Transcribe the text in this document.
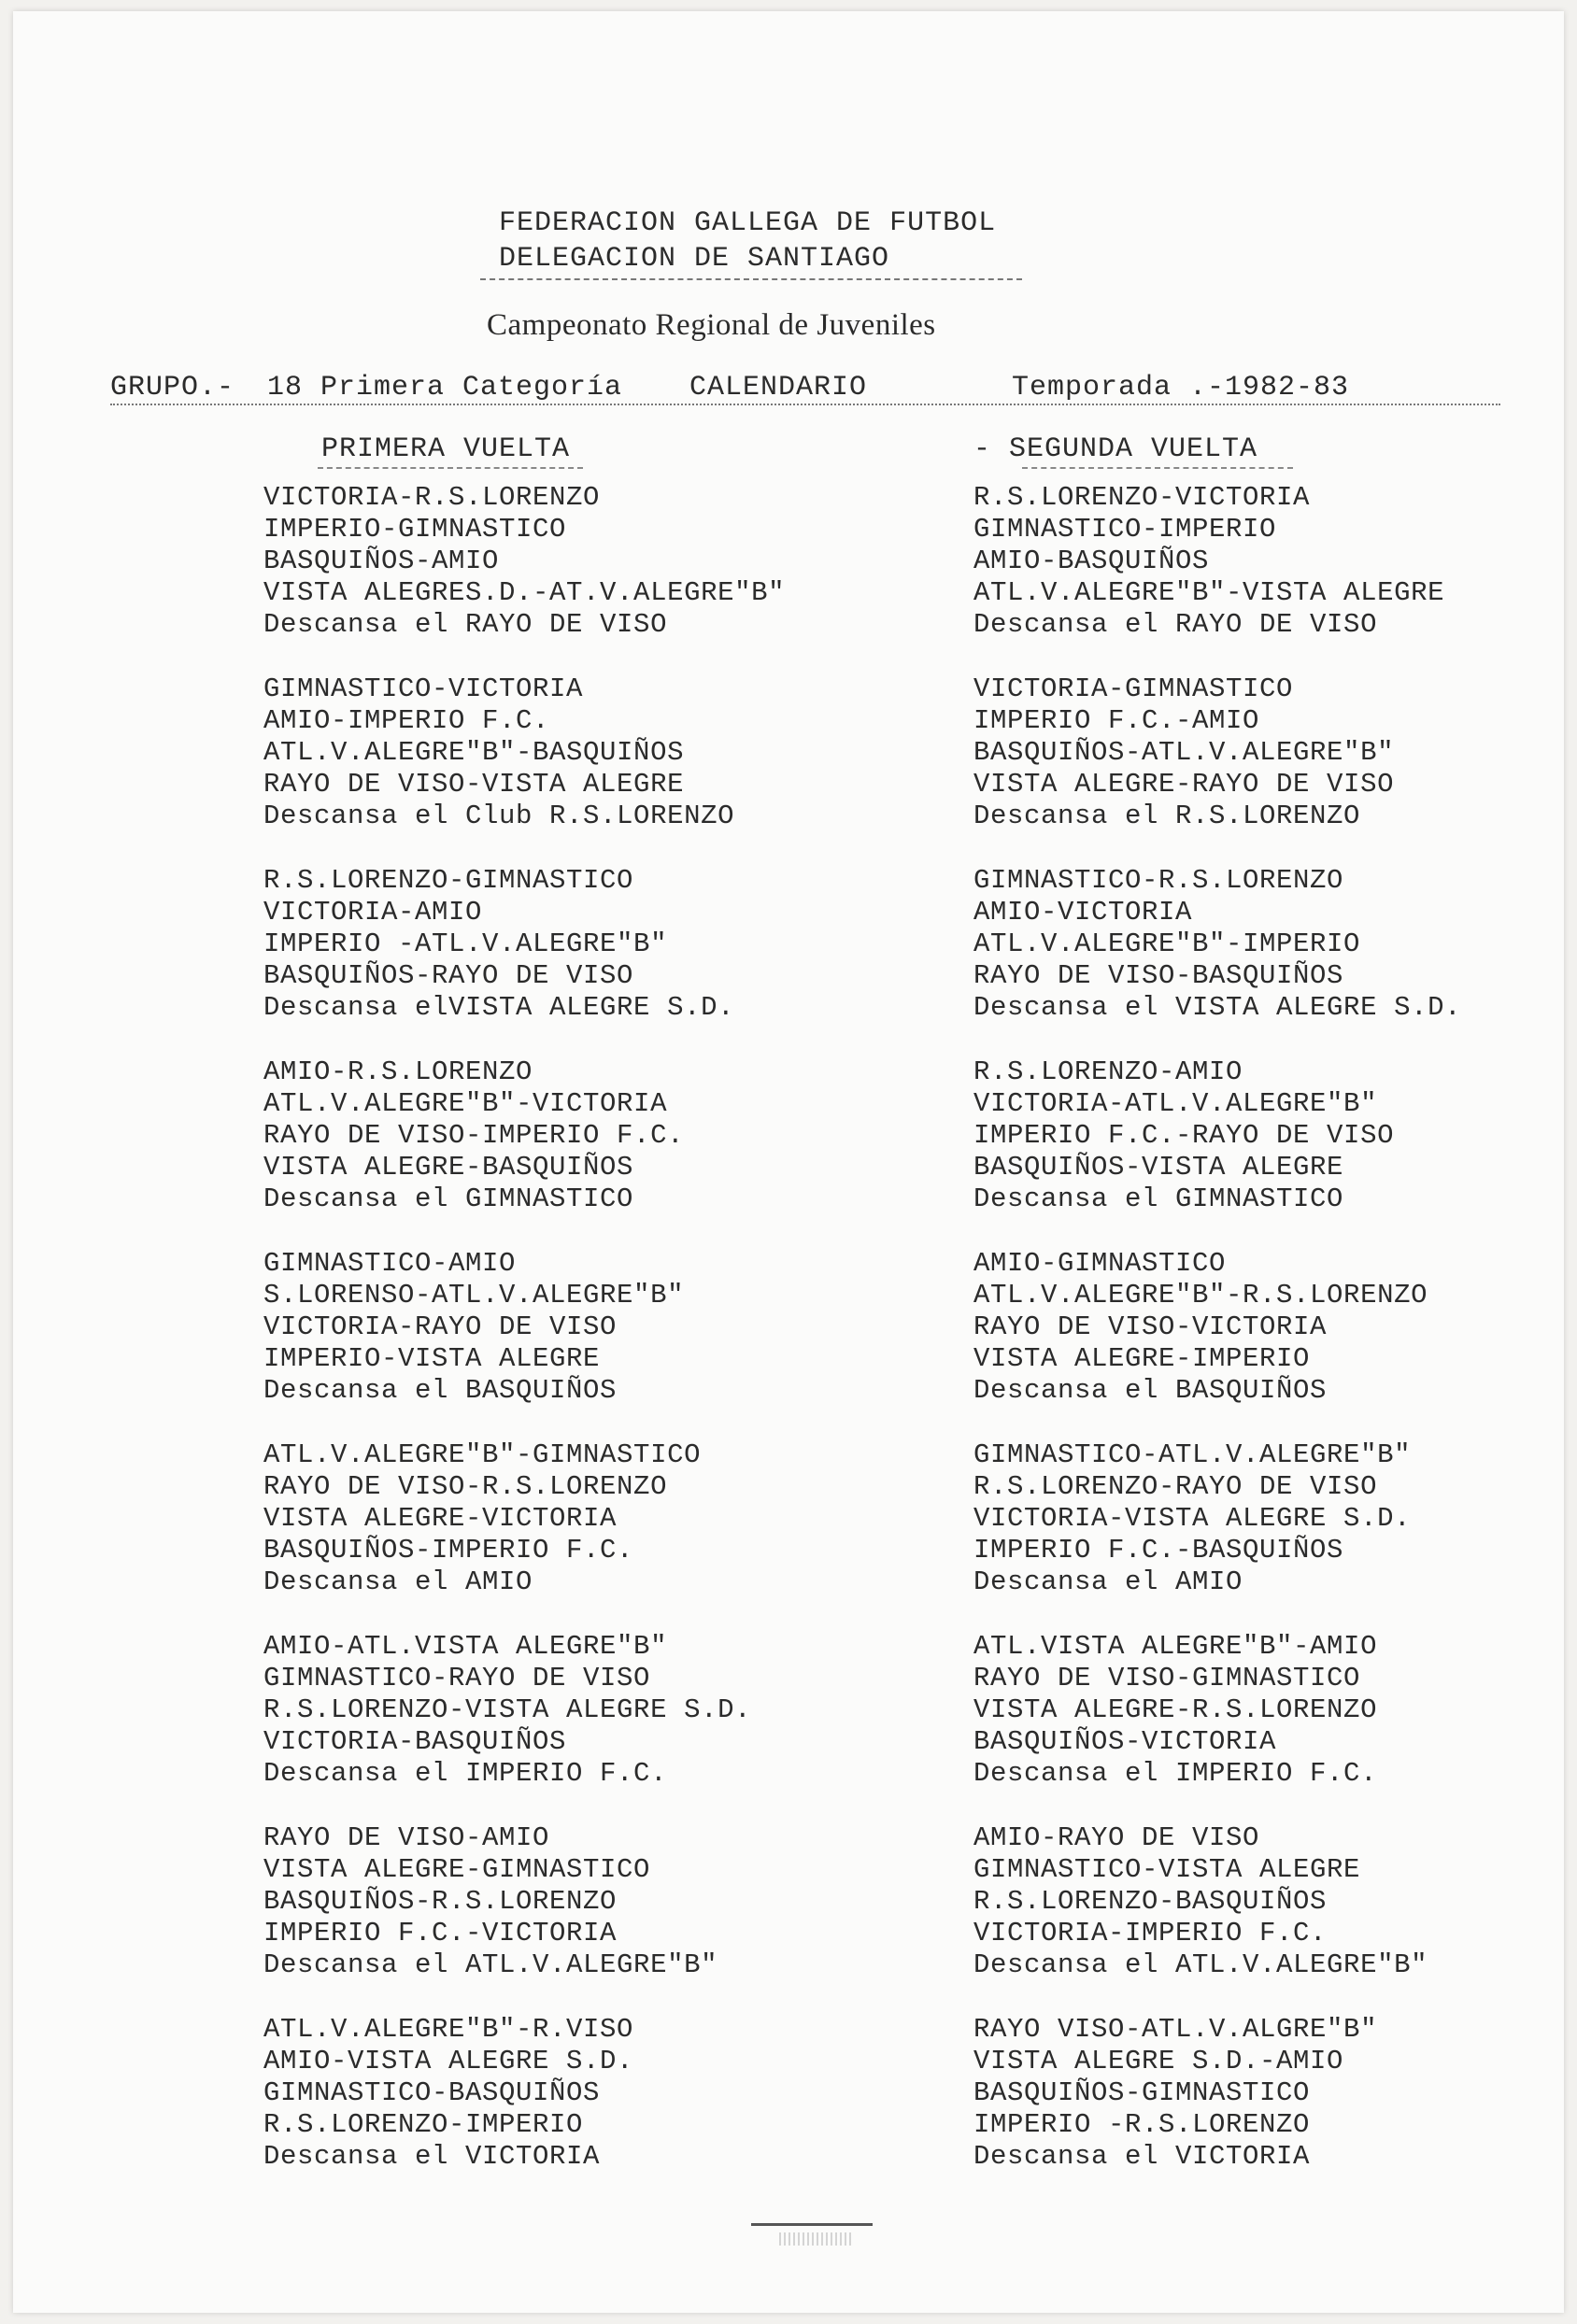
FEDERACION GALLEGA DE FUTBOL
DELEGACION DE SANTIAGO
Campeonato Regional de Juveniles
GRUPO.- 18 Primera Categoría CALENDARIO	Temporada .-1982-83
PRIMERA VUELTA	- SEGUNDA VUELTA
VICTORIA-R.S.LORENZO
IMPERIO-GIMNASTICO
BASQUIÑOS-AMIO
VISTA ALEGRES.D.-AT.V.ALEGRE"B"
Descansa el RAYO DE VISO
GIMNASTICO-VICTORIA
AMIO-IMPERIO F.C.
ATL.V.ALEGRE"B"-BASQUIÑOS
RAYO DE VISO-VISTA ALEGRE
Descansa el Club R.S.LORENZO
R.S.LORENZO-GIMNASTICO
VICTORIA-AMIO
IMPERIO -ATL.V.ALEGRE"B"
BASQUIÑOS-RAYO DE VISO
Descansa elVISTA ALEGRE S.D.
AMIO-R.S.LORENZO
ATL.V.ALEGRE"B"-VICTORIA
RAYO DE VISO-IMPERIO F.C.
VISTA ALEGRE-BASQUIÑOS
Descansa el GIMNASTICO
GIMNASTICO-AMIO
S.LORENSO-ATL.V.ALEGRE"B"
VICTORIA-RAYO DE VISO
IMPERIO-VISTA ALEGRE
Descansa el BASQUIÑOS
ATL.V.ALEGRE"B"-GIMNASTICO
RAYO DE VISO-R.S.LORENZO
VISTA ALEGRE-VICTORIA
BASQUIÑOS-IMPERIO F.C.
Descansa el AMIO
AMIO-ATL.VISTA ALEGRE"B"
GIMNASTICO-RAYO DE VISO
R.S.LORENZO-VISTA ALEGRE S.D.
VICTORIA-BASQUIÑOS
Descansa el IMPERIO F.C.
RAYO DE VISO-AMIO
VISTA ALEGRE-GIMNASTICO
BASQUIÑOS-R.S.LORENZO
IMPERIO F.C.-VICTORIA
Descansa el ATL.V.ALEGRE"B"
ATL.V.ALEGRE"B"-R.VISO
AMIO-VISTA ALEGRE S.D.
GIMNASTICO-BASQUIÑOS
R.S.LORENZO-IMPERIO
Descansa el VICTORIA
R.S.LORENZO-VICTORIA
GIMNASTICO-IMPERIO
AMIO-BASQUIÑOS
ATL.V.ALEGRE"B"-VISTA ALEGRE
Descansa el RAYO DE VISO
VICTORIA-GIMNASTICO
IMPERIO F.C.-AMIO
BASQUIÑOS-ATL.V.ALEGRE"B"
VISTA ALEGRE-RAYO DE VISO
Descansa el R.S.LORENZO
GIMNASTICO-R.S.LORENZO
AMIO-VICTORIA
ATL.V.ALEGRE"B"-IMPERIO
RAYO DE VISO-BASQUIÑOS
Descansa el VISTA ALEGRE S.D.
R.S.LORENZO-AMIO
VICTORIA-ATL.V.ALEGRE"B"
IMPERIO F.C.-RAYO DE VISO
BASQUIÑOS-VISTA ALEGRE
Descansa el GIMNASTICO
AMIO-GIMNASTICO
ATL.V.ALEGRE"B"-R.S.LORENZO
RAYO DE VISO-VICTORIA
VISTA ALEGRE-IMPERIO
Descansa el BASQUIÑOS
GIMNASTICO-ATL.V.ALEGRE"B"
R.S.LORENZO-RAYO DE VISO
VICTORIA-VISTA ALEGRE S.D.
IMPERIO F.C.-BASQUIÑOS
Descansa el AMIO
ATL.VISTA ALEGRE"B"-AMIO
RAYO DE VISO-GIMNASTICO
VISTA ALEGRE-R.S.LORENZO
BASQUIÑOS-VICTORIA
Descansa el IMPERIO F.C.
AMIO-RAYO DE VISO
GIMNASTICO-VISTA ALEGRE
R.S.LORENZO-BASQUIÑOS
VICTORIA-IMPERIO F.C.
Descansa el ATL.V.ALEGRE"B"
RAYO VISO-ATL.V.ALGRE"B"
VISTA ALEGRE S.D.-AMIO
BASQUIÑOS-GIMNASTICO
IMPERIO -R.S.LORENZO
Descansa el VICTORIA
